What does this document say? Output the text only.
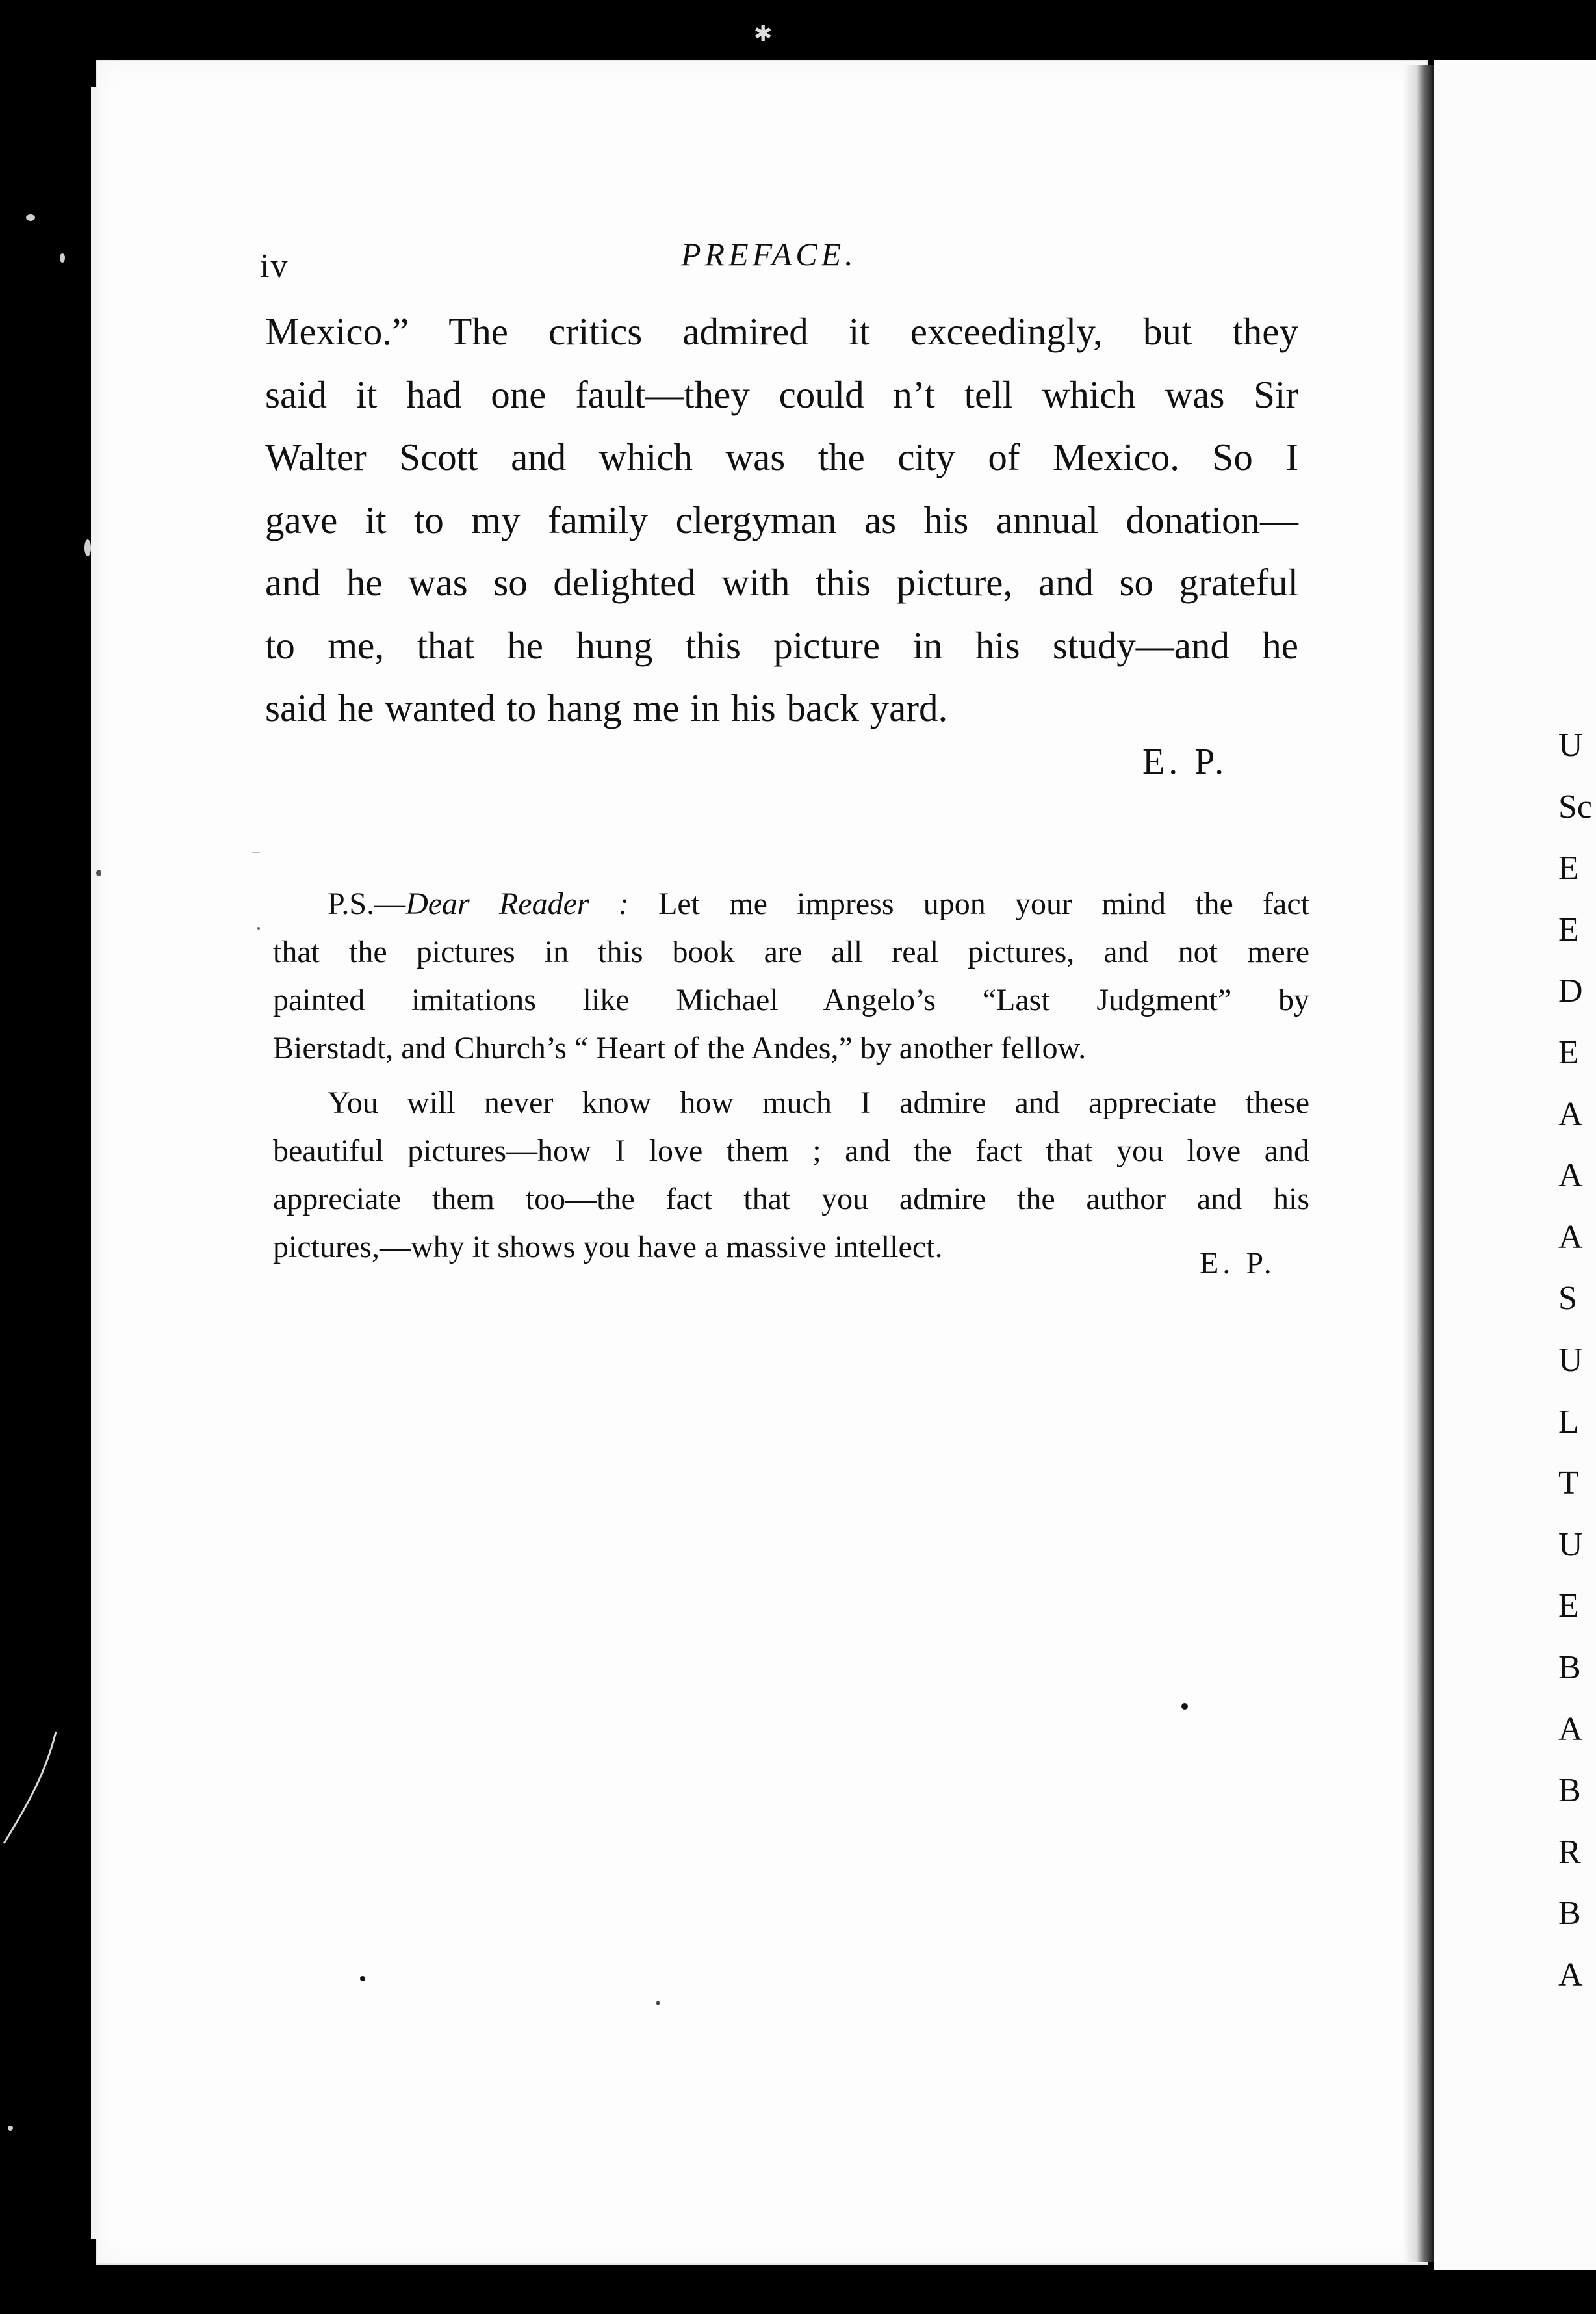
✱
U
Sc
E
E
D
E
A
A
A
S
U
L
T
U
E
B
A
B
R
B
A
iv	PREFACE.
Mexico.” The critics admired it exceedingly, but they
said it had one fault—they could n’t tell which was Sir
Walter Scott and which was the city of Mexico. So I
gave it to my family clergyman as his annual donation—
and he was so delighted with this picture, and so grateful
to me, that he hung this picture in his study—and he
said he wanted to hang me in his back yard.
E. P.
P.S.—Dear Reader : Let me impress upon your mind the fact
that the pictures in this book are all real pictures, and not mere
painted imitations like Michael Angelo’s “Last Judgment” by
Bierstadt, and Church’s “ Heart of the Andes,” by another fellow.
You will never know how much I admire and appreciate these
beautiful pictures—how I love them ; and the fact that you love and
appreciate them too—the fact that you admire the author and his
pictures,—why it shows you have a massive intellect.	E. P.
